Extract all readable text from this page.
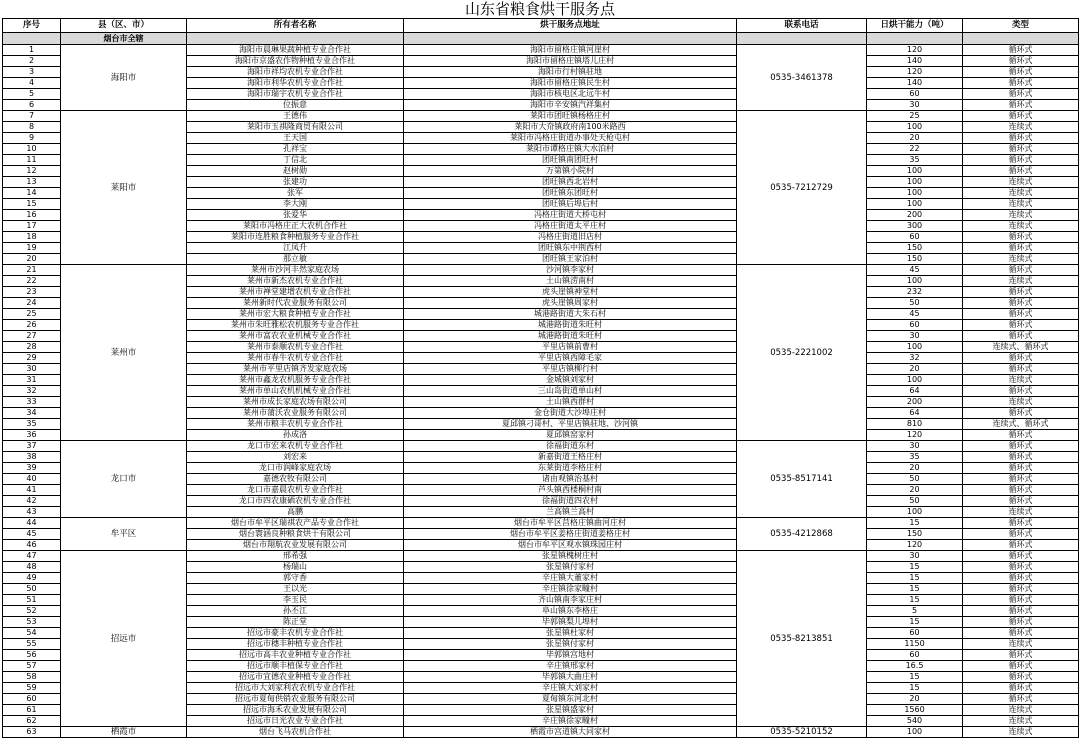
山东省粮食烘干服务点
序号	县（区、市）	所有者名称	烘干服务点地址	联系电话	日烘干能力（吨）	类型
	烟台市全辖					
1	海阳市	海阳市晨琳果蔬种植专业合作社	海阳市留格庄镇河崖村	0535-3461378	120	循环式
2		海阳市京盛农作物种植专业合作社	海阳市留格庄镇塔儿庄村		140	循环式
3		海阳市祥均农机专业合作社	海阳市行村镇驻地		120	循环式
4		海阳市利华农机专业合作社	海阳市留格庄镇民生村		140	循环式
5		海阳市瑞宇农机专业合作社	海阳市核电区北远牛村		60	循环式
6		位振意	海阳市辛安镇汽祥集村		30	循环式
7	莱阳市	王德伟	莱阳市团旺镇杨格庄村	0535-7212729	25	循环式
8		莱阳市玉祺隆商贸有限公司	莱阳市大夼镇政府南100米路西		100	连续式
9		王天国	莱阳市冯格庄街道办事处天枪屯村		20	循环式
10		孔祥宝	莱阳市谭格庄镇大水泊村		22	循环式
11		丁信北	团旺镇南团旺村		35	循环式
12		赵树勋	万第镇小院村		100	循环式
13		张建功	团旺镇西北岩村		100	连续式
14		张军	团旺镇东团旺村		100	连续式
15		李大刚	团旺镇后埠后村		100	连续式
16		张爱华	冯格庄街道大桥屯村		200	连续式
17		莱阳市冯格庄正大农机合作社	冯格庄街道太平庄村		300	连续式
18		莱阳市连胜粮食种植服务专业合作社	冯格庄街道旧店村		60	循环式
19		江凤升	团旺镇东中荆西村		150	循环式
20		那立敏	团旺镇王家泊村		150	连续式
21	莱州市	莱州市沙河丰然家庭农场	沙河镇李家村	0535-2221002	45	循环式
22		莱州市新杰农机专业合作社	土山镇涝南村		100	连续式
23		莱州市禅堂建增农机专业合作社	虎头崖镇神堂村		232	循环式
24		莱州新时代农业服务有限公司	虎头崖镇周家村		50	循环式
25		莱州市宏大粮食种植专业合作社	城港路街道大朱石村		45	循环式
26		莱州市朱旺雅松农机服务专业合作社	城港路街道朱旺村		60	循环式
27		莱州市富农农业机械专业合作社	城港路街道朱旺村		30	循环式
28		莱州市泰顺农机专业合作社	平里店镇前曹村		100	连续式、循环式
29		莱州市春牛农机专业合作社	平里店镇西障毛家		32	循环式
30		莱州市平里店镇齐发家庭农场	平里店镇柳行村		20	循环式
31		莱州市鑫龙农机服务专业合作社	金城镇刘家村		100	连续式
32		莱州市单山农机机械专业合作社	三山岛街道单山村		64	循环式
33		莱州市成长家庭农场有限公司	土山镇西群村		200	连续式
34		莱州市蒲沃农业服务有限公司	金仓街道大沙埠庄村		64	循环式
35		莱州市粮丰农机专业合作社	夏邱镇刁哥村、平里店镇驻地、沙河镇		810	连续式、循环式
36		孙成洛	夏邱镇窑家村		120	循环式
37	龙口市	龙口市宏来农机专业合作社	徐福街道东村	0535-8517141	30	循环式
38		刘宏来	新嘉街道王格庄村		35	循环式
39		龙口市润峰家庭农场	东莱街道李格庄村		20	循环式
40		嘉德农牧有限公司	诸由观镇治基村		50	循环式
41		龙口市嘉晨农机专业合作社	芦头镇西楼桐村南		20	循环式
42		龙口市四农康硒农机专业合作社	徐福街道四农村		50	循环式
43		高鹏	兰高镇兰高村		100	连续式
44	牟平区	烟台市牟平区瑞祺农产品专业合作社	烟台市牟平区莒格庄镇曲河庄村	0535-4212868	15	循环式
45		烟台寰涵良种粮食烘干有限公司	烟台市牟平区姜格庄街道姜格庄村		150	循环式
46		烟台市翔航农业发展有限公司	烟台市牟平区观水镇珠园庄村		120	循环式
47	招远市	邢希强	张星镇槐树庄村	0535-8213851	30	循环式
48		杨瑞山	张星镇付家村		15	循环式
49		郭守香	辛庄镇大董家村		15	循环式
50		王以光	辛庄镇徐家疃村		15	循环式
51		李玉民	齐山镇南李家庄村		15	循环式
52		孙丕江	阜山镇东李格庄		5	循环式
53		陈正堂	毕郭镇梨儿埠村		15	循环式
54		招远市豪丰农机专业合作社	张星镇杜家村		60	循环式
55		招远市穗丰种植专业合作社	张星镇付家村		1150	连续式
56		招远市高丰农业种植专业合作社	毕郭镇宫地村		60	循环式
57		招远市顺丰植保专业合作社	辛庄镇邢家村		16.5	循环式
58		招远市宜德农业种植专业合作社	毕郭镇大曲庄村		15	循环式
59		招远市大刘家利农农机专业合作社	辛庄镇大刘家村		15	循环式
60		招远市夏甸供销农业服务有限公司	夏甸镇东河北村		20	循环式
61		招远市海禾农业发展有限公司	张星镇盛家村		1560	连续式
62		招远市日光农业专业合作社	辛庄镇徐家疃村		540	连续式
63	栖霞市	烟台飞马农机合作社	栖霞市宫道镇大同家村	0535-5210152	100	连续式
